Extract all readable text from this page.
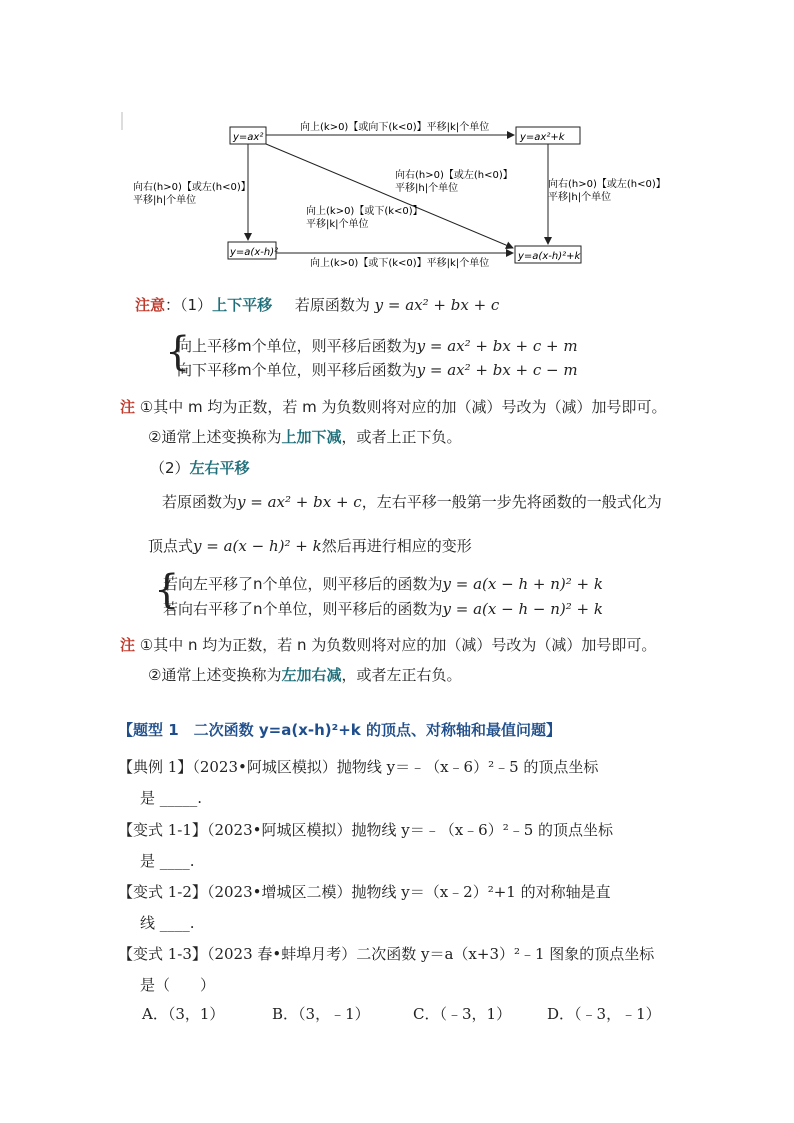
y=ax²	y=ax²+k
y=a(x-h)²	y=a(x-h)²+k
向上(k>0)【或向下(k<0)】平移|k|个单位
向上(k>0)【或下(k<0)】平移|k|个单位
向右(h>0)【或左(h<0)】
平移|h|个单位
向右(h>0)【或左(h<0)】
平移|h|个单位
向右(h>0)【或左(h<0)】
平移|h|个单位
向上(k>0)【或下(k<0)】
平移|k|个单位
注意：（1）上下平移 若原函数为 y = ax² + bx + c
{
向上平移m个单位，则平移后函数为y = ax² + bx + c + m
向下平移m个单位，则平移后函数为y = ax² + bx + c − m
注 ①其中 m 均为正数，若 m 为负数则将对应的加（减）号改为（减）加号即可。
②通常上述变换称为上加下减，或者上正下负。
（2）左右平移
若原函数为y = ax² + bx + c，左右平移一般第一步先将函数的一般式化为
顶点式y = a(x − h)² + k然后再进行相应的变形
{
若向左平移了n个单位，则平移后的函数为y = a(x − h + n)² + k
若向右平移了n个单位，则平移后的函数为y = a(x − h − n)² + k
注 ①其中 n 均为正数，若 n 为负数则将对应的加（减）号改为（减）加号即可。
②通常上述变换称为左加右减，或者左正右负。
【题型 1　二次函数 y=a(x-h)²+k 的顶点、对称轴和最值问题】
【典例 1】（2023•阿城区模拟）抛物线 y＝﹣（x﹣6）²﹣5 的顶点坐标
是 _____.
【变式 1-1】（2023•阿城区模拟）抛物线 y＝﹣（x﹣6）²﹣5 的顶点坐标
是 ____.
【变式 1-2】（2023•增城区二模）抛物线 y＝（x﹣2）²+1 的对称轴是直
线 ____.
【变式 1-3】（2023 春•蚌埠月考）二次函数 y＝a（x+3）²﹣1 图象的顶点坐标
是（　　）
A．（3，1）	B．（3，﹣1）	C．（﹣3，1） D．（﹣3，﹣1）
